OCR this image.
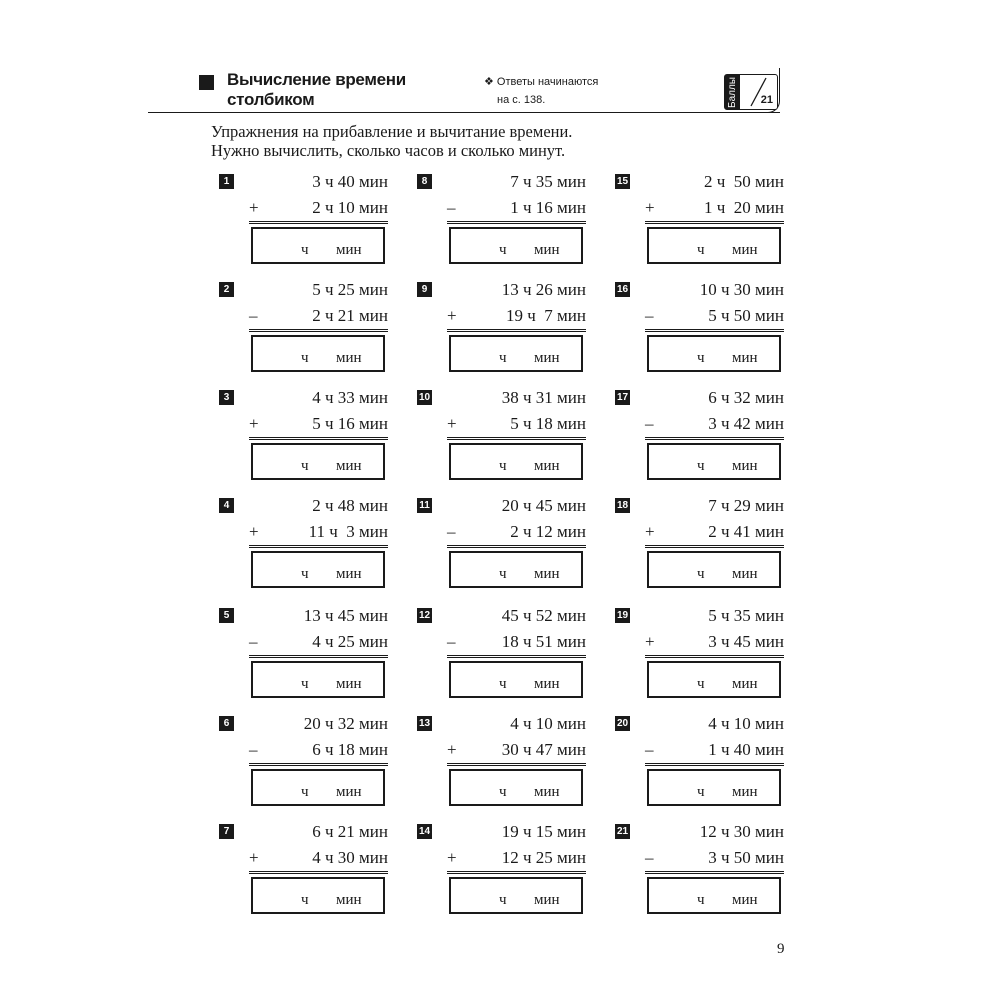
Вычисление времени
столбиком
❖ Ответы начинаются
на с. 138.	Баллы 21
Упражнения на прибавление и вычитание времени.
Нужно вычислить, сколько часов и сколько минут.
1	3 ч 40 мин
+	2 ч 10 мин
ч мин
2	5 ч 25 мин
–	2 ч 21 мин
ч мин
3	4 ч 33 мин
+	5 ч 16 мин
ч мин
4	2 ч 48 мин
+	11 ч  3 мин
ч мин
5	13 ч 45 мин
–	4 ч 25 мин
ч мин
6	20 ч 32 мин
–	6 ч 18 мин
ч мин
7	6 ч 21 мин
+	4 ч 30 мин
ч мин
8	7 ч 35 мин
–	1 ч 16 мин
ч мин
9	13 ч 26 мин
+	19 ч  7 мин
ч мин
10	38 ч 31 мин
+	5 ч 18 мин
ч мин
11	20 ч 45 мин
–	2 ч 12 мин
ч мин
12	45 ч 52 мин
–	18 ч 51 мин
ч мин
13	4 ч 10 мин
+	30 ч 47 мин
ч мин
14	19 ч 15 мин
+	12 ч 25 мин
ч мин
15	2 ч  50 мин
+	1 ч  20 мин
ч мин
16	10 ч 30 мин
–	5 ч 50 мин
ч мин
17	6 ч 32 мин
–	3 ч 42 мин
ч мин
18	7 ч 29 мин
+	2 ч 41 мин
ч мин
19	5 ч 35 мин
+	3 ч 45 мин
ч мин
20	4 ч 10 мин
–	1 ч 40 мин
ч мин
21	12 ч 30 мин
–	3 ч 50 мин
ч мин
9
